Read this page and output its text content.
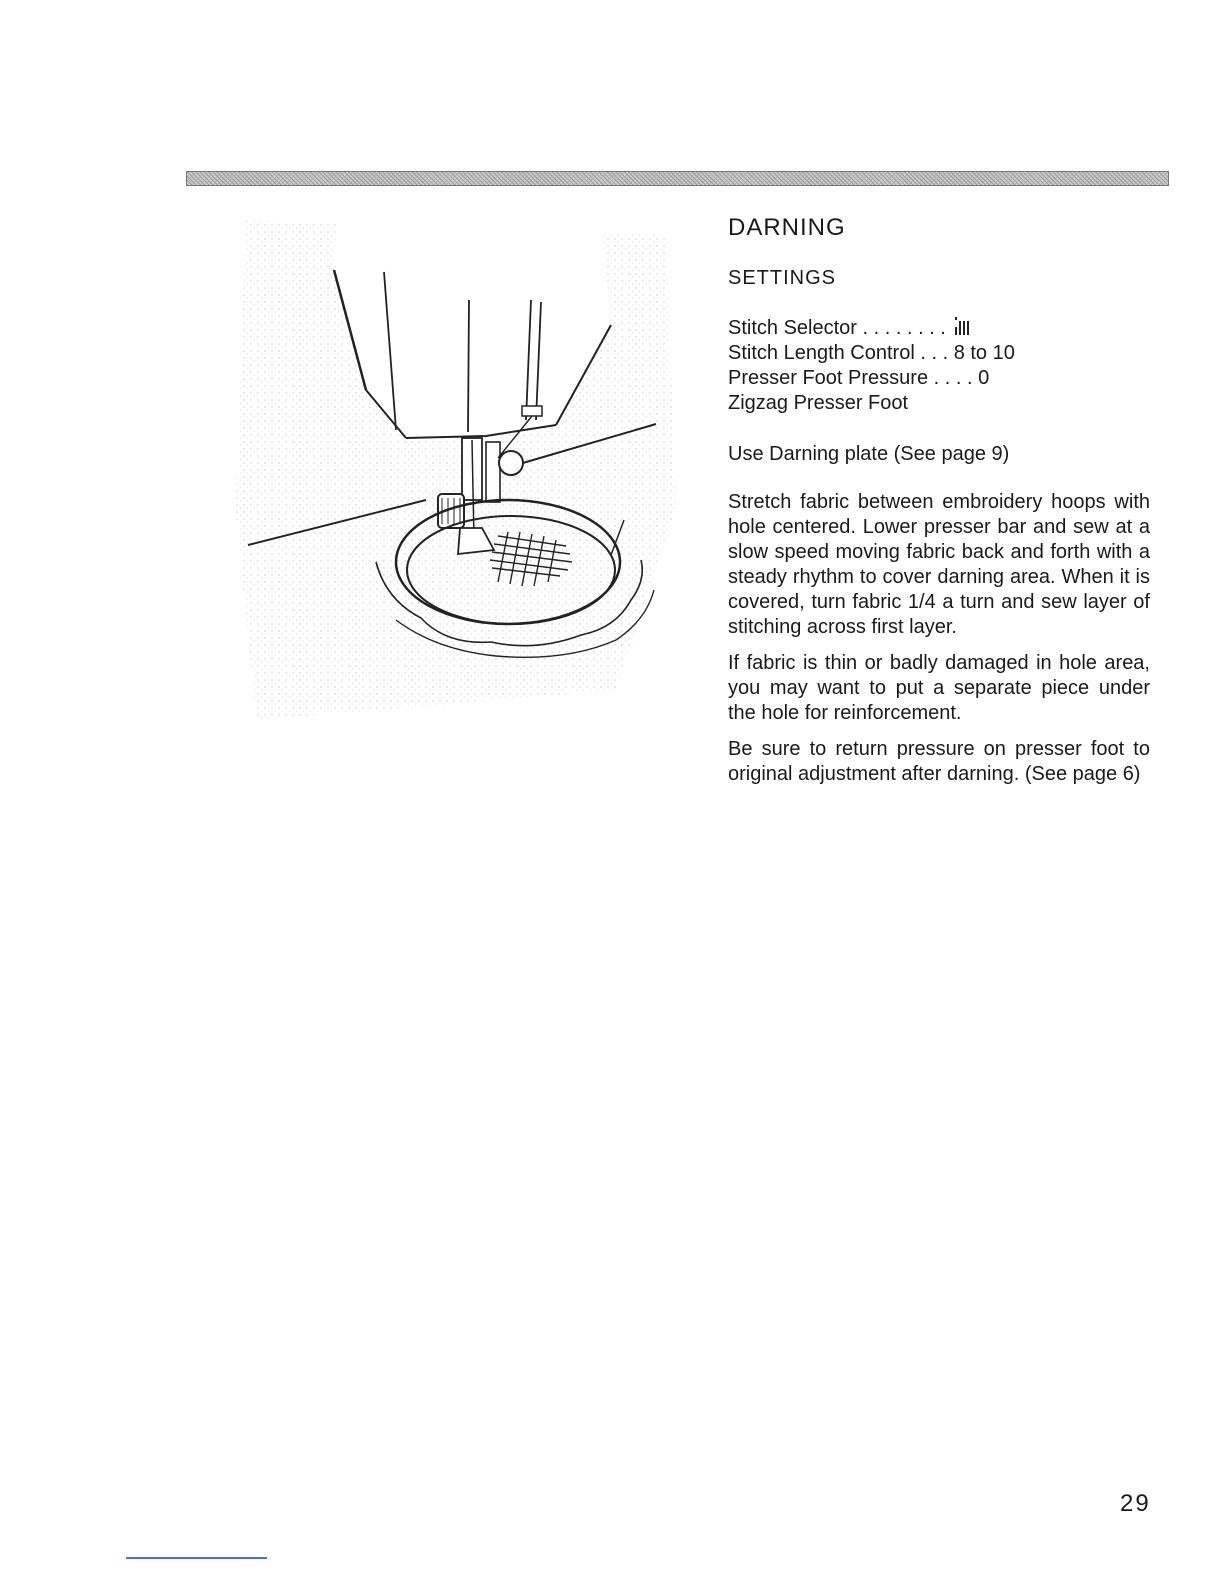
DARNING
SETTINGS
Stitch Selector . . . . . . . .
Stitch Length Control . . . 8 to 10
Presser Foot Pressure . . . . 0
Zigzag Presser Foot

Use Darning plate (See page 9)

Stretch fabric between embroidery hoops with hole centered. Lower presser bar and sew at a slow speed moving fabric back and forth with a steady rhythm to cover darning area. When it is covered, turn fabric 1/4 a turn and sew layer of stitching across first layer.

If fabric is thin or badly damaged in hole area, you may want to put a separate piece under the hole for reinforcement.

Be sure to return pressure on presser foot to original adjustment after darning. (See page 6)

29
